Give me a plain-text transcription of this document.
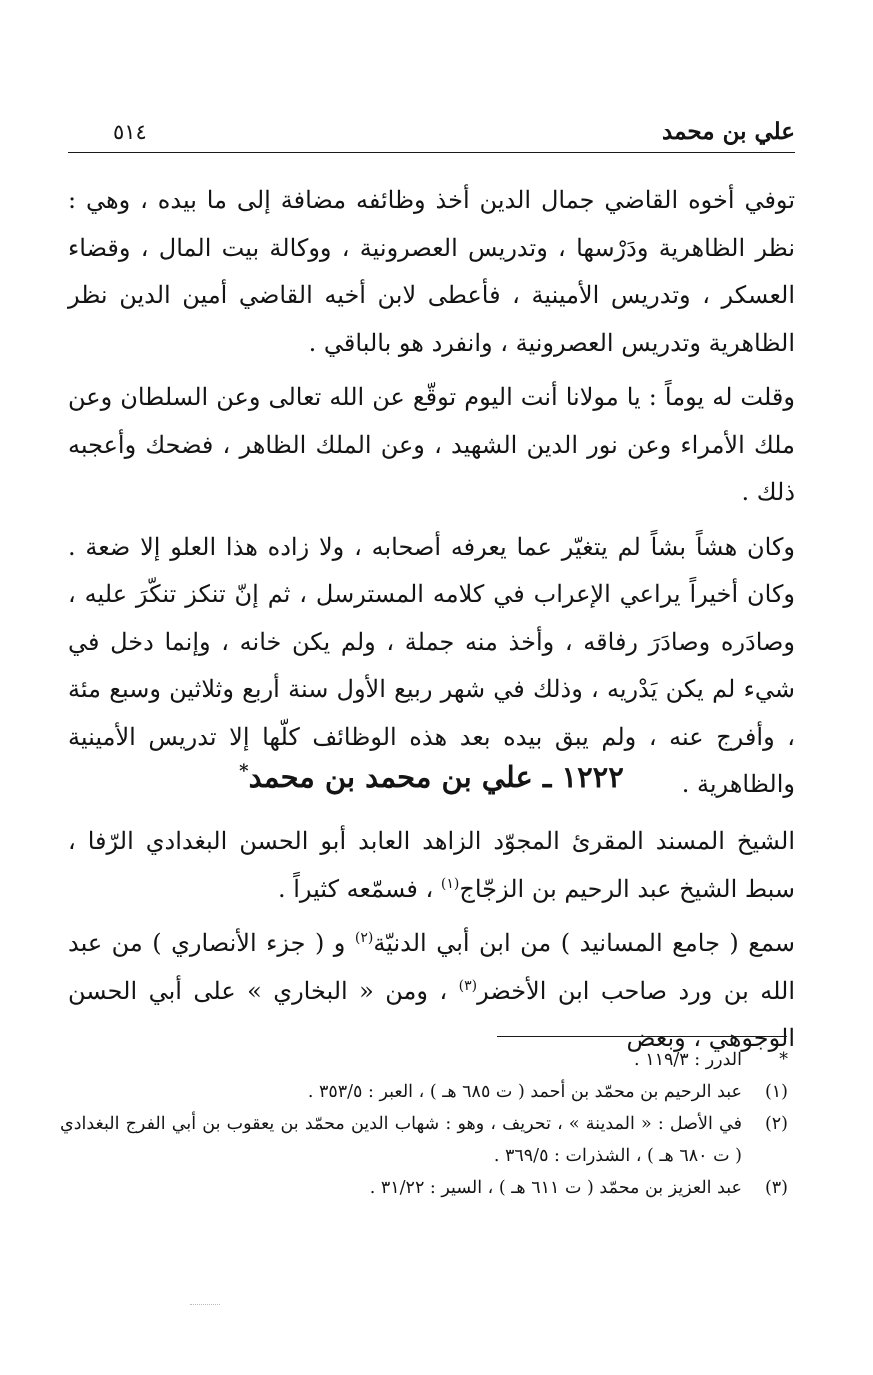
علي بن محمد
٥١٤

توفي أخوه القاضي جمال الدين أخذ وظائفه مضافة إلى ما بيده ، وهي : نظر الظاهرية ودَرْسها ، وتدريس العصرونية ، ووكالة بيت المال ، وقضاء العسكر ، وتدريس الأمينية ، فأعطى لابن أخيه القاضي أمين الدين نظر الظاهرية وتدريس العصرونية ، وانفرد هو بالباقي .

وقلت له يوماً : يا مولانا أنت اليوم توقّع عن الله تعالى وعن السلطان وعن ملك الأمراء وعن نور الدين الشهيد ، وعن الملك الظاهر ، فضحك وأعجبه ذلك .

وكان هشاً بشاً لم يتغيّر عما يعرفه أصحابه ، ولا زاده هذا العلو إلا ضعة . وكان أخيراً يراعي الإعراب في كلامه المسترسل ، ثم إنّ تنكز تنكّرَ عليه ، وصادَره وصادَرَ رفاقه ، وأخذ منه جملة ، ولم يكن خانه ، وإنما دخل في شيء لم يكن يَدْريه ، وذلك في شهر ربيع الأول سنة أربع وثلاثين وسبع مئة ، وأفرج عنه ، ولم يبق بيده بعد هذه الوظائف كلّها إلا تدريس الأمينية والظاهرية .

١٢٢٢ ـ علي بن محمد بن محمد*

الشيخ المسند المقرئ المجوّد الزاهد العابد أبو الحسن البغدادي الرّفا ، سبط الشيخ عبد الرحيم بن الزجّاج$^{(١)}$ ، فسمّعه كثيراً .

سمع ( جامع المسانيد ) من ابن أبي الدنيّة$^{(٢)}$ و ( جزء الأنصاري ) من عبد الله بن ورد صاحب ابن الأخضر$^{(٣)}$ ، ومن « البخاري » على أبي الحسن الوجوهي ، وبعض

*
الدرر : ١١٩/٣ .
(١)
عبد الرحيم بن محمّد بن أحمد ( ت ٦٨٥ هـ ) ، العبر : ٣٥٣/٥ .
(٢)
في الأصل : « المدينة » ، تحريف ، وهو : شهاب الدين محمّد بن يعقوب بن أبي الفرج البغدادي ( ت ٦٨٠ هـ ) ، الشذرات : ٣٦٩/٥ .
(٣)
عبد العزيز بن محمّد ( ت ٦١١ هـ ) ، السير : ٣١/٢٢ .
